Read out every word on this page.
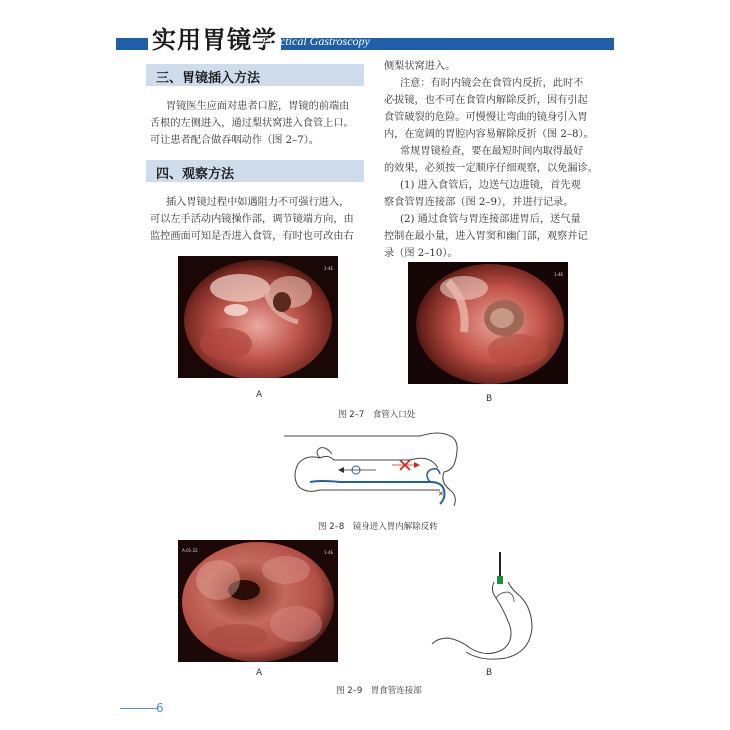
实用胃镜学
Practical Gastroscopy
三、胃镜插入方法
胃镜医生应面对患者口腔，胃镜的前端由
舌根的左侧进入，通过梨状窝进入食管上口。
可让患者配合做吞咽动作（图 2–7）。
四、观察方法
插入胃镜过程中如遇阻力不可强行进入，
可以左手活动内镜操作部，调节镜端方向，由
监控画面可知是否进入食管，有时也可改由右
侧梨状窝进入。
注意：有时内镜会在食管内反折，此时不
必拔镜，也不可在食管内解除反折，因有引起
食管破裂的危险。可慢慢让弯曲的镜身引入胃
内，在宽阔的胃腔内容易解除反折（图 2–8）。
常规胃镜检查，要在最短时间内取得最好
的效果，必须按一定顺序仔细观察，以免漏诊。
(1) 进入食管后，边送气边进镜，首先观
察食管胃连接部（图 2–9），并进行记录。
(2) 通过食管与胃连接部进胃后，送气量
控制在最小量，进入胃窦和幽门部，观察并记
录（图 2–10）。
1-4E
A
1-4E
B
图 2–7　食管入口处
✕
图 2–8　镜身进入胃内解除反转
A-01-22	1-4E
A	B
图 2–9　胃食管连接部
6
